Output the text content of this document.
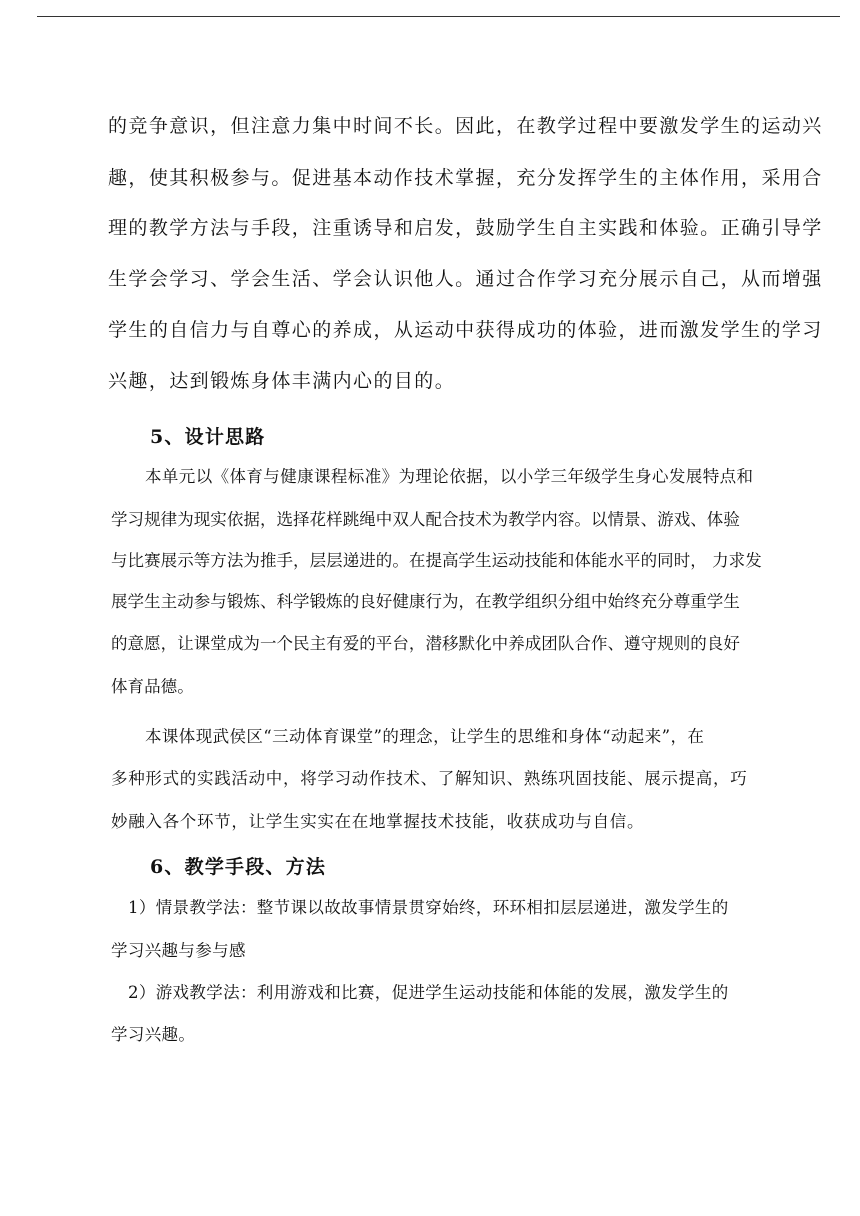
的竞争意识，但注意力集中时间不长。因此，在教学过程中要激发学生的运动兴
趣，使其积极参与。促进基本动作技术掌握，充分发挥学生的主体作用，采用合
理的教学方法与手段，注重诱导和启发，鼓励学生自主实践和体验。正确引导学
生学会学习、学会生活、学会认识他人。通过合作学习充分展示自己，从而增强
学生的自信力与自尊心的养成，从运动中获得成功的体验，进而激发学生的学习
兴趣，达到锻炼身体丰满内心的目的。
5、设计思路
本单元以《体育与健康课程标准》为理论依据，以小学三年级学生身心发展特点和
学习规律为现实依据，选择花样跳绳中双人配合技术为教学内容。以情景、游戏、体验
与比赛展示等方法为推手，层层递进的。在提高学生运动技能和体能水平的同时， 力求发
展学生主动参与锻炼、科学锻炼的良好健康行为，在教学组织分组中始终充分尊重学生
的意愿，让课堂成为一个民主有爱的平台，潜移默化中养成团队合作、遵守规则的良好
体育品德。
本课体现武侯区“三动体育课堂”的理念，让学生的思维和身体“动起来”，在
多种形式的实践活动中，将学习动作技术、了解知识、熟练巩固技能、展示提高，巧
妙融入各个环节，让学生实实在在地掌握技术技能，收获成功与自信。
6、教学手段、方法
1）情景教学法：整节课以故故事情景贯穿始终，环环相扣层层递进，激发学生的
学习兴趣与参与感
2）游戏教学法：利用游戏和比赛，促进学生运动技能和体能的发展，激发学生的
学习兴趣。
